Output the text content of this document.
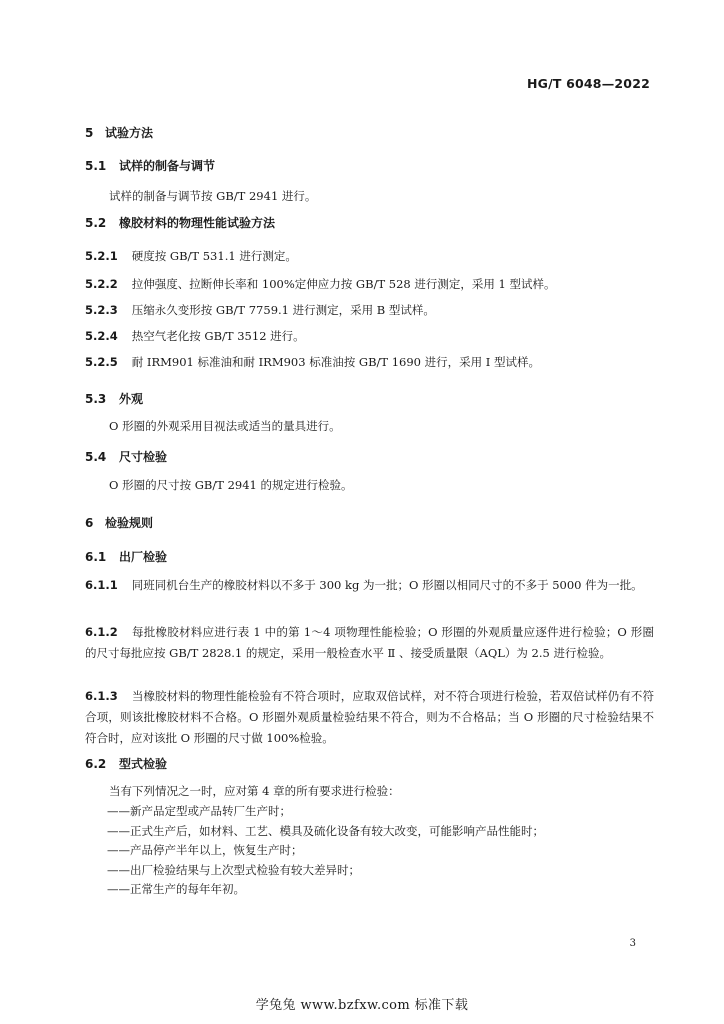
HG/T 6048—2022
5 试验方法
5.1 试样的制备与调节
试样的制备与调节按 GB/T 2941 进行。
5.2 橡胶材料的物理性能试验方法
5.2.1 硬度按 GB/T 531.1 进行测定。
5.2.2 拉伸强度、拉断伸长率和 100%定伸应力按 GB/T 528 进行测定，采用 1 型试样。
5.2.3 压缩永久变形按 GB/T 7759.1 进行测定，采用 B 型试样。
5.2.4 热空气老化按 GB/T 3512 进行。
5.2.5 耐 IRM901 标准油和耐 IRM903 标准油按 GB/T 1690 进行，采用 Ⅰ 型试样。
5.3 外观
O 形圈的外观采用目视法或适当的量具进行。
5.4 尺寸检验
O 形圈的尺寸按 GB/T 2941 的规定进行检验。
6 检验规则
6.1 出厂检验
6.1.1 同班同机台生产的橡胶材料以不多于 300 kg 为一批；O 形圈以相同尺寸的不多于 5000 件为一批。
6.1.2 每批橡胶材料应进行表 1 中的第 1～4 项物理性能检验；O 形圈的外观质量应逐件进行检验；O 形圈的尺寸每批应按 GB/T 2828.1 的规定，采用一般检查水平 Ⅱ 、接受质量限（AQL）为 2.5 进行检验。
6.1.3 当橡胶材料的物理性能检验有不符合项时，应取双倍试样，对不符合项进行检验，若双倍试样仍有不符合项，则该批橡胶材料不合格。O 形圈外观质量检验结果不符合，则为不合格品；当 O 形圈的尺寸检验结果不符合时，应对该批 O 形圈的尺寸做 100%检验。
6.2 型式检验
当有下列情况之一时，应对第 4 章的所有要求进行检验：
——新产品定型或产品转厂生产时；
——正式生产后，如材料、工艺、模具及硫化设备有较大改变，可能影响产品性能时；
——产品停产半年以上，恢复生产时；
——出厂检验结果与上次型式检验有较大差异时；
——正常生产的每年年初。
3
学兔兔 www.bzfxw.com 标准下载
